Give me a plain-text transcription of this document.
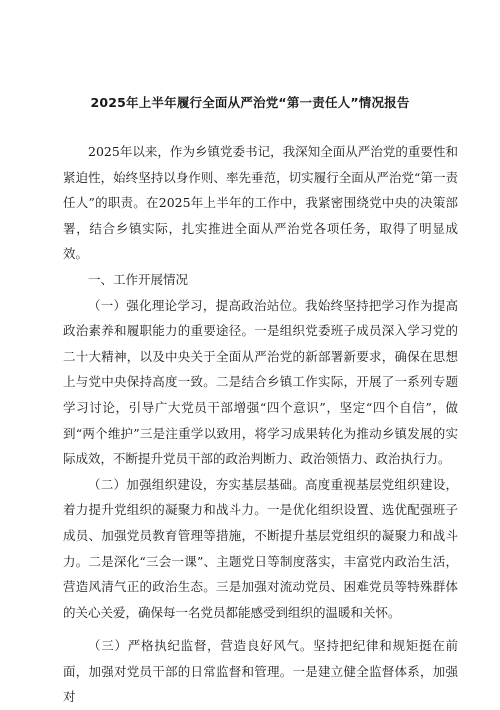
2025年上半年履行全面从严治党“第一责任人”情况报告

2025年以来，作为乡镇党委书记，我深知全面从严治党的重要性和紧迫性，始终坚持以身作则、率先垂范，切实履行全面从严治党“第一责任人”的职责。在2025年上半年的工作中，我紧密围绕党中央的决策部署，结合乡镇实际，扎实推进全面从严治党各项任务，取得了明显成效。

一、工作开展情况

（一）强化理论学习，提高政治站位。我始终坚持把学习作为提高政治素养和履职能力的重要途径。一是组织党委班子成员深入学习党的二十大精神，以及中央关于全面从严治党的新部署新要求，确保在思想上与党中央保持高度一致。二是结合乡镇工作实际，开展了一系列专题学习讨论，引导广大党员干部增强“四个意识”，坚定“四个自信”，做到“两个维护”三是注重学以致用，将学习成果转化为推动乡镇发展的实际成效，不断提升党员干部的政治判断力、政治领悟力、政治执行力。

（二）加强组织建设，夯实基层基础。高度重视基层党组织建设，着力提升党组织的凝聚力和战斗力。一是优化组织设置、选优配强班子成员、加强党员教育管理等措施，不断提升基层党组织的凝聚力和战斗力。二是深化“三会一课”、主题党日等制度落实，丰富党内政治生活，营造风清气正的政治生态。三是加强对流动党员、困难党员等特殊群体的关心关爱，确保每一名党员都能感受到组织的温暖和关怀。

（三）严格执纪监督，营造良好风气。坚持把纪律和规矩挺在前面，加强对党员干部的日常监督和管理。一是建立健全监督体系，加强对
